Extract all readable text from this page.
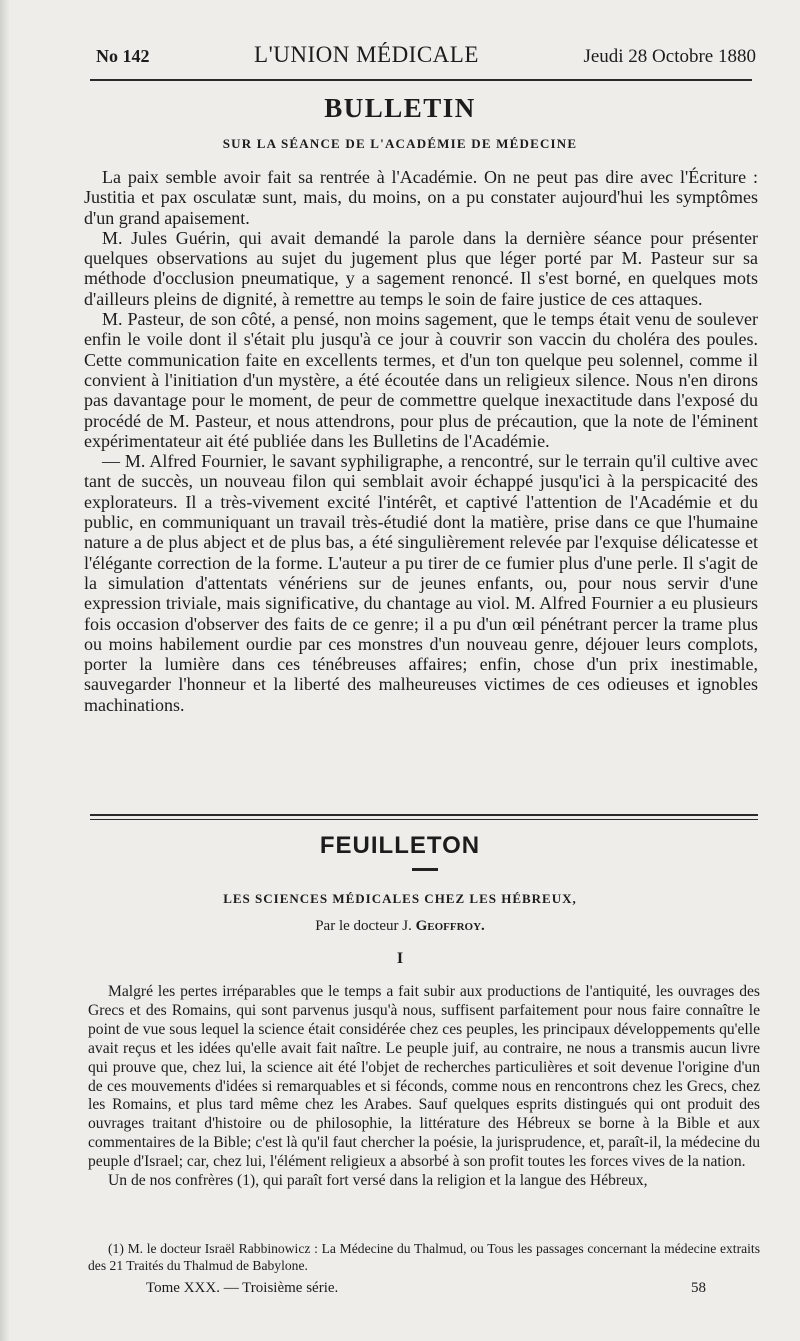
No 142	L'UNION MÉDICALE	Jeudi 28 Octobre 1880
BULLETIN
SUR LA SÉANCE DE L'ACADÉMIE DE MÉDECINE

La paix semble avoir fait sa rentrée à l'Académie. On ne peut pas dire avec l'Écriture : Justitia et pax osculatæ sunt, mais, du moins, on a pu constater aujourd'hui les symptômes d'un grand apaisement.

M. Jules Guérin, qui avait demandé la parole dans la dernière séance pour présenter quelques observations au sujet du jugement plus que léger porté par M. Pasteur sur sa méthode d'occlusion pneumatique, y a sagement renoncé. Il s'est borné, en quelques mots d'ailleurs pleins de dignité, à remettre au temps le soin de faire justice de ces attaques.

M. Pasteur, de son côté, a pensé, non moins sagement, que le temps était venu de soulever enfin le voile dont il s'était plu jusqu'à ce jour à couvrir son vaccin du choléra des poules. Cette communication faite en excellents termes, et d'un ton quelque peu solennel, comme il convient à l'initiation d'un mystère, a été écoutée dans un religieux silence. Nous n'en dirons pas davantage pour le moment, de peur de commettre quelque inexactitude dans l'exposé du procédé de M. Pasteur, et nous attendrons, pour plus de précaution, que la note de l'éminent expérimentateur ait été publiée dans les Bulletins de l'Académie.

— M. Alfred Fournier, le savant syphiligraphe, a rencontré, sur le terrain qu'il cultive avec tant de succès, un nouveau filon qui semblait avoir échappé jusqu'ici à la perspicacité des explorateurs. Il a très-vivement excité l'intérêt, et captivé l'attention de l'Académie et du public, en communiquant un travail très-étudié dont la matière, prise dans ce que l'humaine nature a de plus abject et de plus bas, a été singulièrement relevée par l'exquise délicatesse et l'élégante correction de la forme. L'auteur a pu tirer de ce fumier plus d'une perle. Il s'agit de la simulation d'attentats vénériens sur de jeunes enfants, ou, pour nous servir d'une expression triviale, mais significative, du chantage au viol. M. Alfred Fournier a eu plusieurs fois occasion d'observer des faits de ce genre; il a pu d'un œil pénétrant percer la trame plus ou moins habilement ourdie par ces monstres d'un nouveau genre, déjouer leurs complots, porter la lumière dans ces ténébreuses affaires; enfin, chose d'un prix inestimable, sauvegarder l'honneur et la liberté des malheureuses victimes de ces odieuses et ignobles machinations.

FEUILLETON
LES SCIENCES MÉDICALES CHEZ LES HÉBREUX,
Par le docteur J. Geoffroy.
I

Malgré les pertes irréparables que le temps a fait subir aux productions de l'antiquité, les ouvrages des Grecs et des Romains, qui sont parvenus jusqu'à nous, suffisent parfaitement pour nous faire connaître le point de vue sous lequel la science était considérée chez ces peuples, les principaux développements qu'elle avait reçus et les idées qu'elle avait fait naître. Le peuple juif, au contraire, ne nous a transmis aucun livre qui prouve que, chez lui, la science ait été l'objet de recherches particulières et soit devenue l'origine d'un de ces mouvements d'idées si remarquables et si féconds, comme nous en rencontrons chez les Grecs, chez les Romains, et plus tard même chez les Arabes. Sauf quelques esprits distingués qui ont produit des ouvrages traitant d'histoire ou de philosophie, la littérature des Hébreux se borne à la Bible et aux commentaires de la Bible; c'est là qu'il faut chercher la poésie, la jurisprudence, et, paraît-il, la médecine du peuple d'Israel; car, chez lui, l'élément religieux a absorbé à son profit toutes les forces vives de la nation.

Un de nos confrères (1), qui paraît fort versé dans la religion et la langue des Hébreux,

(1) M. le docteur Israël Rabbinowicz : La Médecine du Thalmud, ou Tous les passages concernant la médecine extraits des 21 Traités du Thalmud de Babylone.

Tome XXX. — Troisième série.	58
